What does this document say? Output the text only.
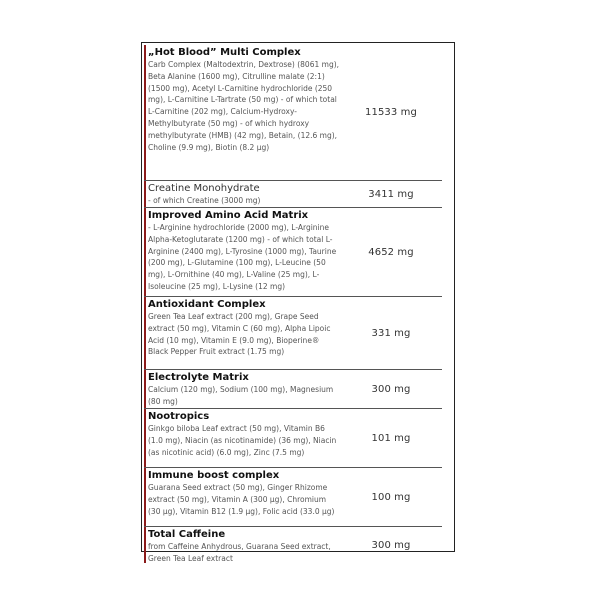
„Hot Blood” Multi Complex
Carb Complex (Maltodextrin, Dextrose) (8061 mg), Beta Alanine (1600 mg), Citrulline malate (2:1) (1500 mg), Acetyl L-Carnitine hydrochloride (250 mg), L-Carnitine L-Tartrate (50 mg) - of which total L-Carnitine (202 mg), Calcium-Hydroxy-Methylbutyrate (50 mg) - of which hydroxy methylbutyrate (HMB) (42 mg), Betain, (12.6 mg), Choline (9.9 mg), Biotin (8.2 µg)
11533 mg
Creatine Monohydrate
- of which Creatine (3000 mg)
3411 mg
Improved Amino Acid Matrix
- L-Arginine hydrochloride (2000 mg), L-Arginine Alpha-Ketoglutarate (1200 mg) - of which total L-Arginine (2400 mg), L-Tyrosine (1000 mg), Taurine (200 mg), L-Glutamine (100 mg), L-Leucine (50 mg), L-Ornithine (40 mg), L-Valine (25 mg), L-Isoleucine (25 mg), L-Lysine (12 mg)
4652 mg
Antioxidant Complex
Green Tea Leaf extract (200 mg), Grape Seed extract (50 mg), Vitamin C (60 mg), Alpha Lipoic Acid (10 mg), Vitamin E (9.0 mg), Bioperine® Black Pepper Fruit extract (1.75 mg)
331 mg
Electrolyte Matrix
Calcium (120 mg), Sodium (100 mg), Magnesium (80 mg)
300 mg
Nootropics
Ginkgo biloba Leaf extract (50 mg), Vitamin B6 (1.0 mg), Niacin (as nicotinamide) (36 mg), Niacin (as nicotinic acid) (6.0 mg), Zinc (7.5 mg)
101 mg
Immune boost complex
Guarana Seed extract (50 mg), Ginger Rhizome extract (50 mg), Vitamin A (300 µg), Chromium (30 µg), Vitamin B12 (1.9 µg), Folic acid (33.0 µg)
100 mg
Total Caffeine
from Caffeine Anhydrous, Guarana Seed extract, Green Tea Leaf extract
300 mg
